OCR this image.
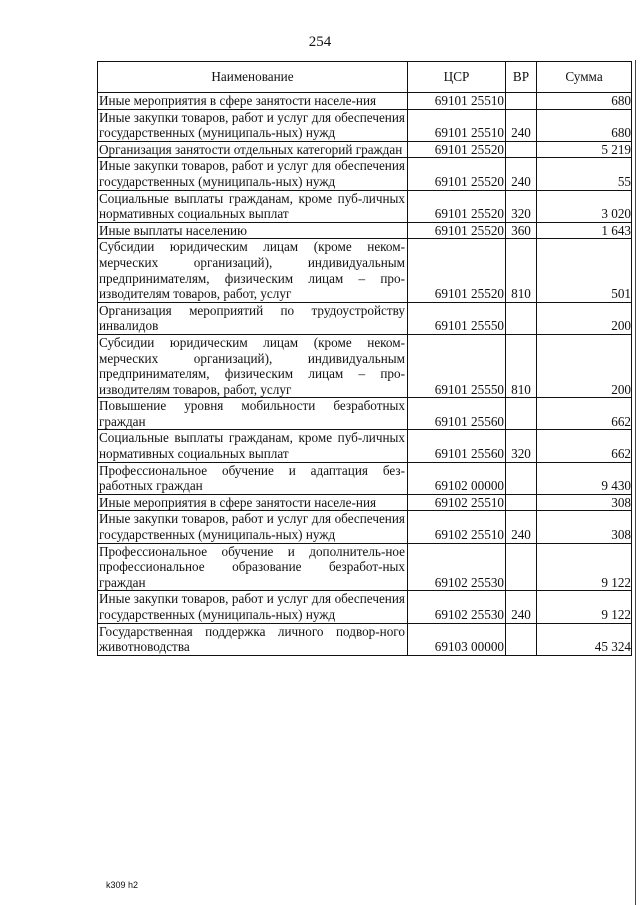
254
Наименование	ЦСР	ВР	Сумма
Иные мероприятия в сфере занятости населе-ния	69101 25510		680
Иные закупки товаров, работ и услуг для обеспечения государственных (муниципаль-ных) нужд	69101 25510	240	680
Организация занятости отдельных категорий граждан	69101 25520		5 219
Иные закупки товаров, работ и услуг для обеспечения государственных (муниципаль-ных) нужд	69101 25520	240	55
Социальные выплаты гражданам, кроме пуб-личных нормативных социальных выплат	69101 25520	320	3 020
Иные выплаты населению	69101 25520	360	1 643
Субсидии юридическим лицам (кроме неком-мерческих организаций), индивидуальным предпринимателям, физическим лицам – про-изводителям товаров, работ, услуг	69101 25520	810	501
Организация мероприятий по трудоустройству инвалидов	69101 25550		200
Субсидии юридическим лицам (кроме неком-мерческих организаций), индивидуальным предпринимателям, физическим лицам – про-изводителям товаров, работ, услуг	69101 25550	810	200
Повышение уровня мобильности безработных граждан	69101 25560		662
Социальные выплаты гражданам, кроме пуб-личных нормативных социальных выплат	69101 25560	320	662
Профессиональное обучение и адаптация без-работных граждан	69102 00000		9 430
Иные мероприятия в сфере занятости населе-ния	69102 25510		308
Иные закупки товаров, работ и услуг для обеспечения государственных (муниципаль-ных) нужд	69102 25510	240	308
Профессиональное обучение и дополнитель-ное профессиональное образование безработ-ных граждан	69102 25530		9 122
Иные закупки товаров, работ и услуг для обеспечения государственных (муниципаль-ных) нужд	69102 25530	240	9 122
Государственная поддержка личного подвор-ного животноводства	69103 00000		45 324
k309 h2
